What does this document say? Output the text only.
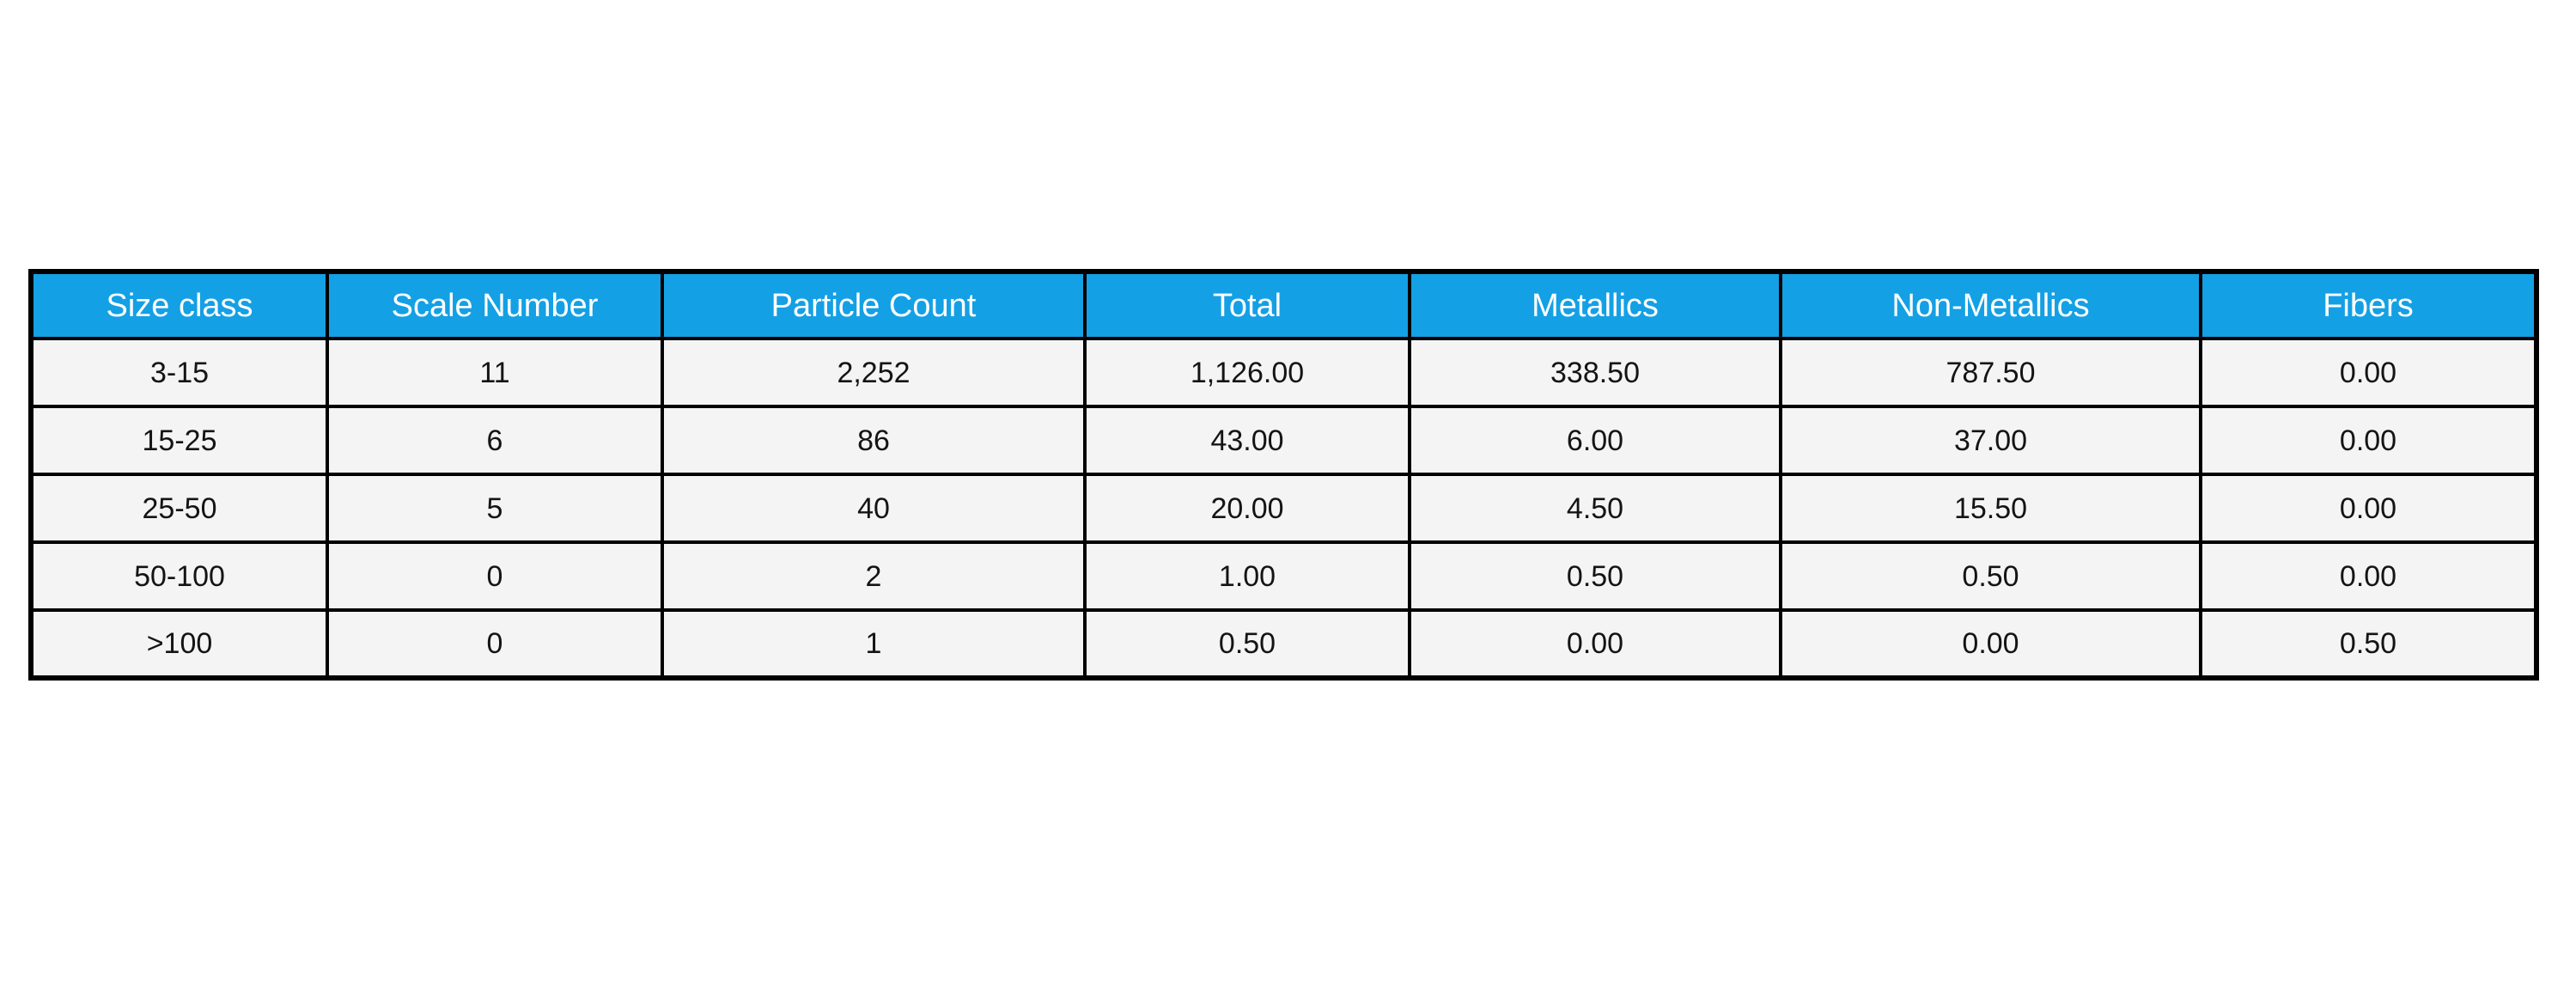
Size class	Scale Number	Particle Count	Total	Metallics	Non-Metallics	Fibers
3-15	11	2,252	1,126.00	338.50	787.50	0.00
15-25	6	86	43.00	6.00	37.00	0.00
25-50	5	40	20.00	4.50	15.50	0.00
50-100	0	2	1.00	0.50	0.50	0.00
>100	0	1	0.50	0.00	0.00	0.50
